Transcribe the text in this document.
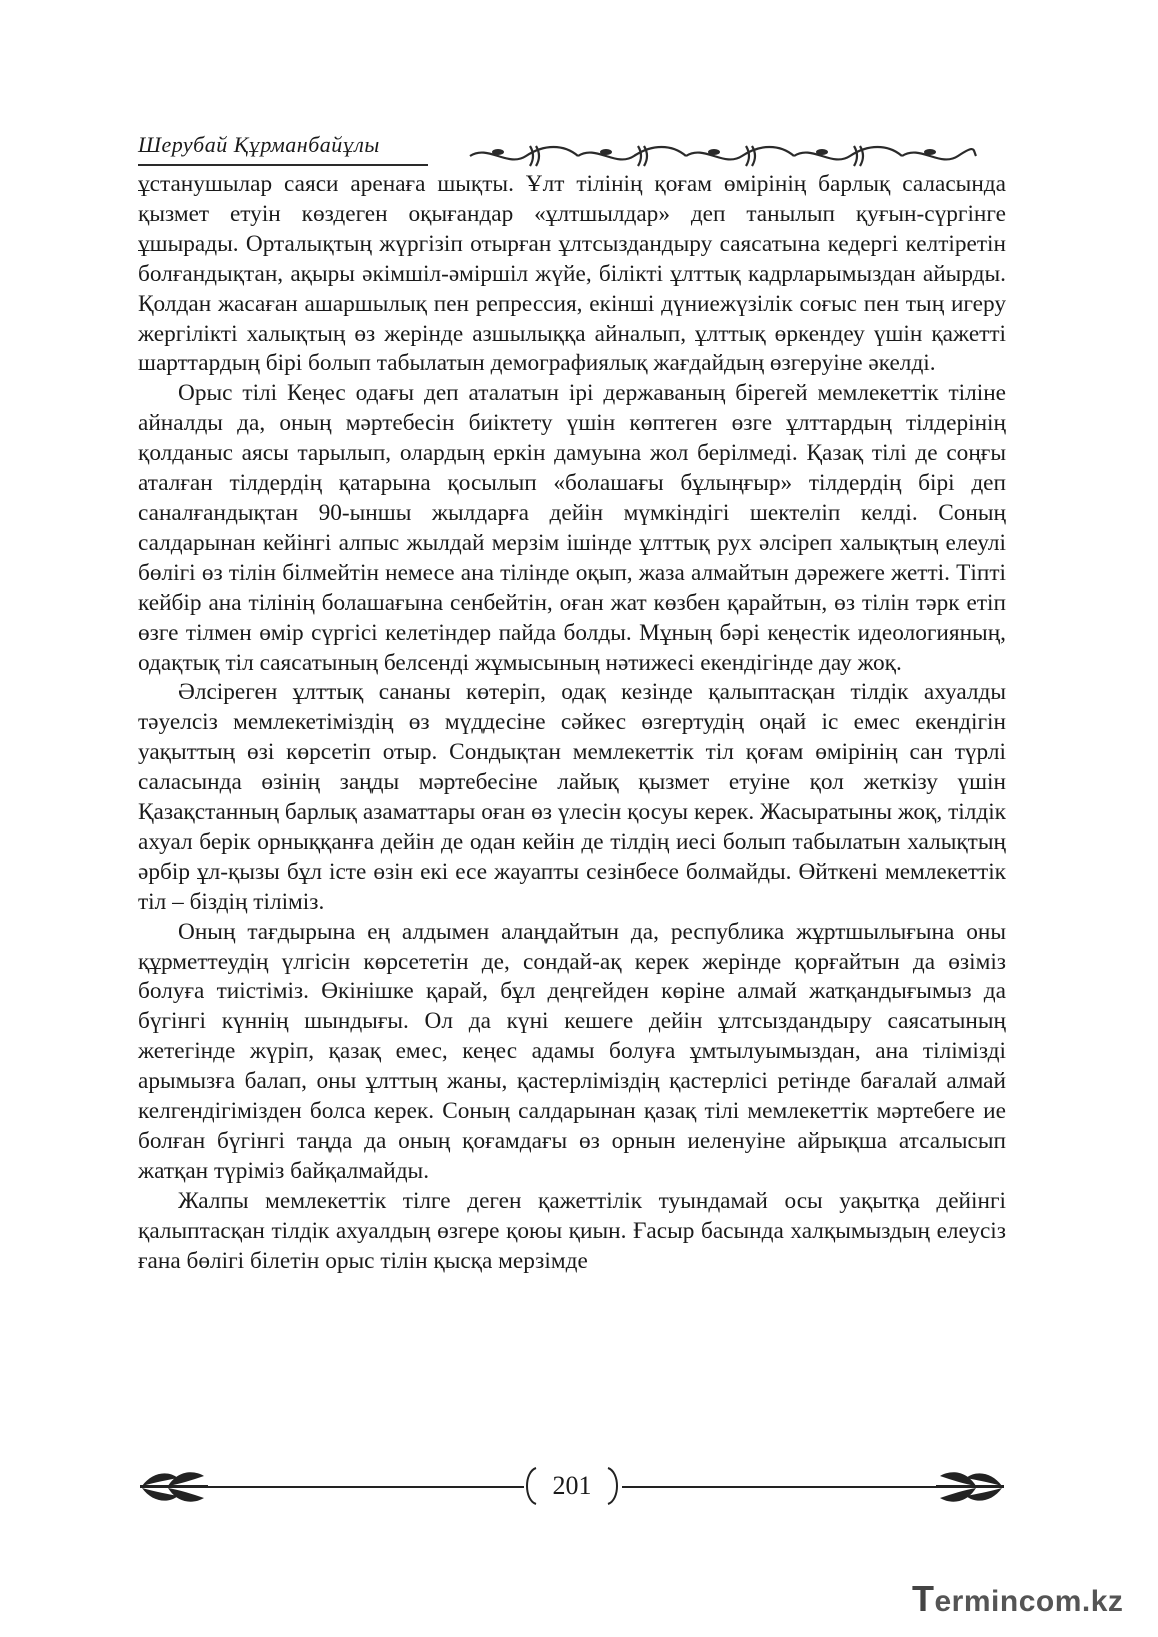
Шерубай Құрманбайұлы

ұстанушылар саяси аренаға шықты. Ұлт тілінің қоғам өмірінің барлық саласында қызмет етуін көздеген оқығандар «ұлтшылдар» деп танылып қуғын-сүргінге ұшырады. Орталықтың жүргізіп отырған ұлтсыздандыру саясатына кедергі келтіретін болғандықтан, ақыры әкімшіл-әміршіл жүйе, білікті ұлттық кадрларымыздан айырды. Қолдан жасаған ашаршылық пен репрессия, екінші дүниежүзілік соғыс пен тың игеру жергілікті халықтың өз жерінде азшылыққа айналып, ұлттық өркендеу үшін қажетті шарттардың бірі болып табылатын демографиялық жағдайдың өзгеруіне әкелді.

Орыс тілі Кеңес одағы деп аталатын ірі державаның бірегей мемлекеттік тіліне айналды да, оның мәртебесін биіктету үшін көптеген өзге ұлттардың тілдерінің қолданыс аясы тарылып, олардың еркін дамуына жол берілмеді. Қазақ тілі де соңғы аталған тілдердің қатарына қосылып «болашағы бұлыңғыр» тілдердің бірі деп саналғандықтан 90-ыншы жылдарға дейін мүмкіндігі шектеліп келді. Соның салдарынан кейінгі алпыс жылдай мерзім ішінде ұлттық рух әлсіреп халықтың елеулі бөлігі өз тілін білмейтін немесе ана тілінде оқып, жаза алмайтын дәрежеге жетті. Тіпті кейбір ана тілінің болашағына сенбейтін, оған жат көзбен қарайтын, өз тілін тәрк етіп өзге тілмен өмір сүргісі келетіндер пайда болды. Мұның бәрі кеңестік идеологияның, одақтық тіл саясатының белсенді жұмысының нәтижесі екендігінде дау жоқ.

Әлсіреген ұлттық сананы көтеріп, одақ кезінде қалыптасқан тілдік ахуалды тәуелсіз мемлекетіміздің өз мүддесіне сәйкес өзгертудің оңай іс емес екендігін уақыттың өзі көрсетіп отыр. Сондықтан мемлекеттік тіл қоғам өмірінің сан түрлі саласында өзінің заңды мәртебесіне лайық қызмет етуіне қол жеткізу үшін Қазақстанның барлық азаматтары оған өз үлесін қосуы керек. Жасыратыны жоқ, тілдік ахуал берік орныққанға дейін де одан кейін де тілдің иесі болып табылатын халықтың әрбір ұл-қызы бұл істе өзін екі есе жауапты сезінбесе болмайды. Өйткені мемлекеттік тіл – біздің тіліміз.

Оның тағдырына ең алдымен алаңдайтын да, республика жұртшылығына оны құрметтеудің үлгісін көрсететін де, сондай-ақ керек жерінде қорғайтын да өзіміз болуға тиістіміз. Өкінішке қарай, бұл деңгейден көріне алмай жатқандығымыз да бүгінгі күннің шындығы. Ол да күні кешеге дейін ұлтсыздандыру саясатының жетегінде жүріп, қазақ емес, кеңес адамы болуға ұмтылуымыздан, ана тілімізді арымызға балап, оны ұлттың жаны, қастерліміздің қастерлісі ретінде бағалай алмай келгендігімізден болса керек. Соның салдарынан қазақ тілі мемлекеттік мәртебеге ие болған бүгінгі таңда да оның қоғамдағы өз орнын иеленуіне айрықша атсалысып жатқан түріміз байқалмайды.

Жалпы мемлекеттік тілге деген қажеттілік туындамай осы уақытқа дейінгі қалыптасқан тілдік ахуалдың өзгере қоюы қиын. Ғасыр басында халқымыздың елеусіз ғана бөлігі білетін орыс тілін қысқа мерзімде

201
Termincom.kz
